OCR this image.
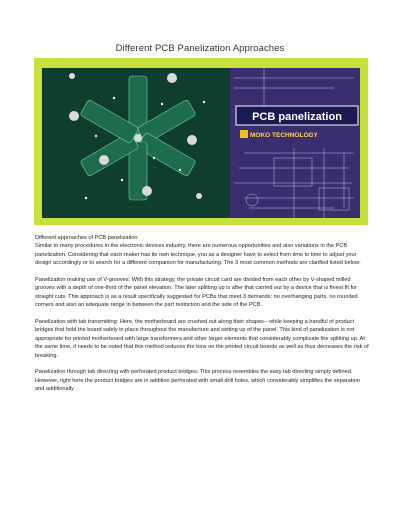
Different PCB Panelization Approaches
PCB panelization
MOKO TECHNOLOGY

Different approaches of PCB panelization

Similar to many procedures in the electronic devices industry, there are numerous opportunities and also variations in the PCB panelization. Considering that each maker has its own technique, you as a designer have to select from time to time to adjust your design accordingly or to search for a different companion for manufacturing. The 3 most common methods are clarified listed below:

Panelization making use of V-grooves: With this strategy, the private circuit card are divided from each other by V-shaped milled grooves with a depth of one-third of the panel elevation. The later splitting up is after that carried out by a device that is finest fit for straight cuts. This approach is as a result specifically suggested for PCBs that meet 3 demands: no overhanging parts, no rounded corners and also an adequate range in between the part restriction and the side of the PCB.

Panelization with tab transmitting: Here, the motherboard are crushed out along their shapes-- while keeping a handful of product bridges that hold the board safely in place throughout the manufacture and setting up of the panel. This kind of panelization is not appropriate for printed motherboard with large transformers and other larger elements that considerably complicate the splitting up. At the same time, it needs to be noted that this method reduces the tons on the printed circuit boards as well as thus decreases the risk of breaking.

Panelization through tab directing with perforated product bridges: This process resembles the easy tab directing simply defined. However, right here the product bridges are in addition perforated with small drill holes, which considerably simplifies the separation and additionally
